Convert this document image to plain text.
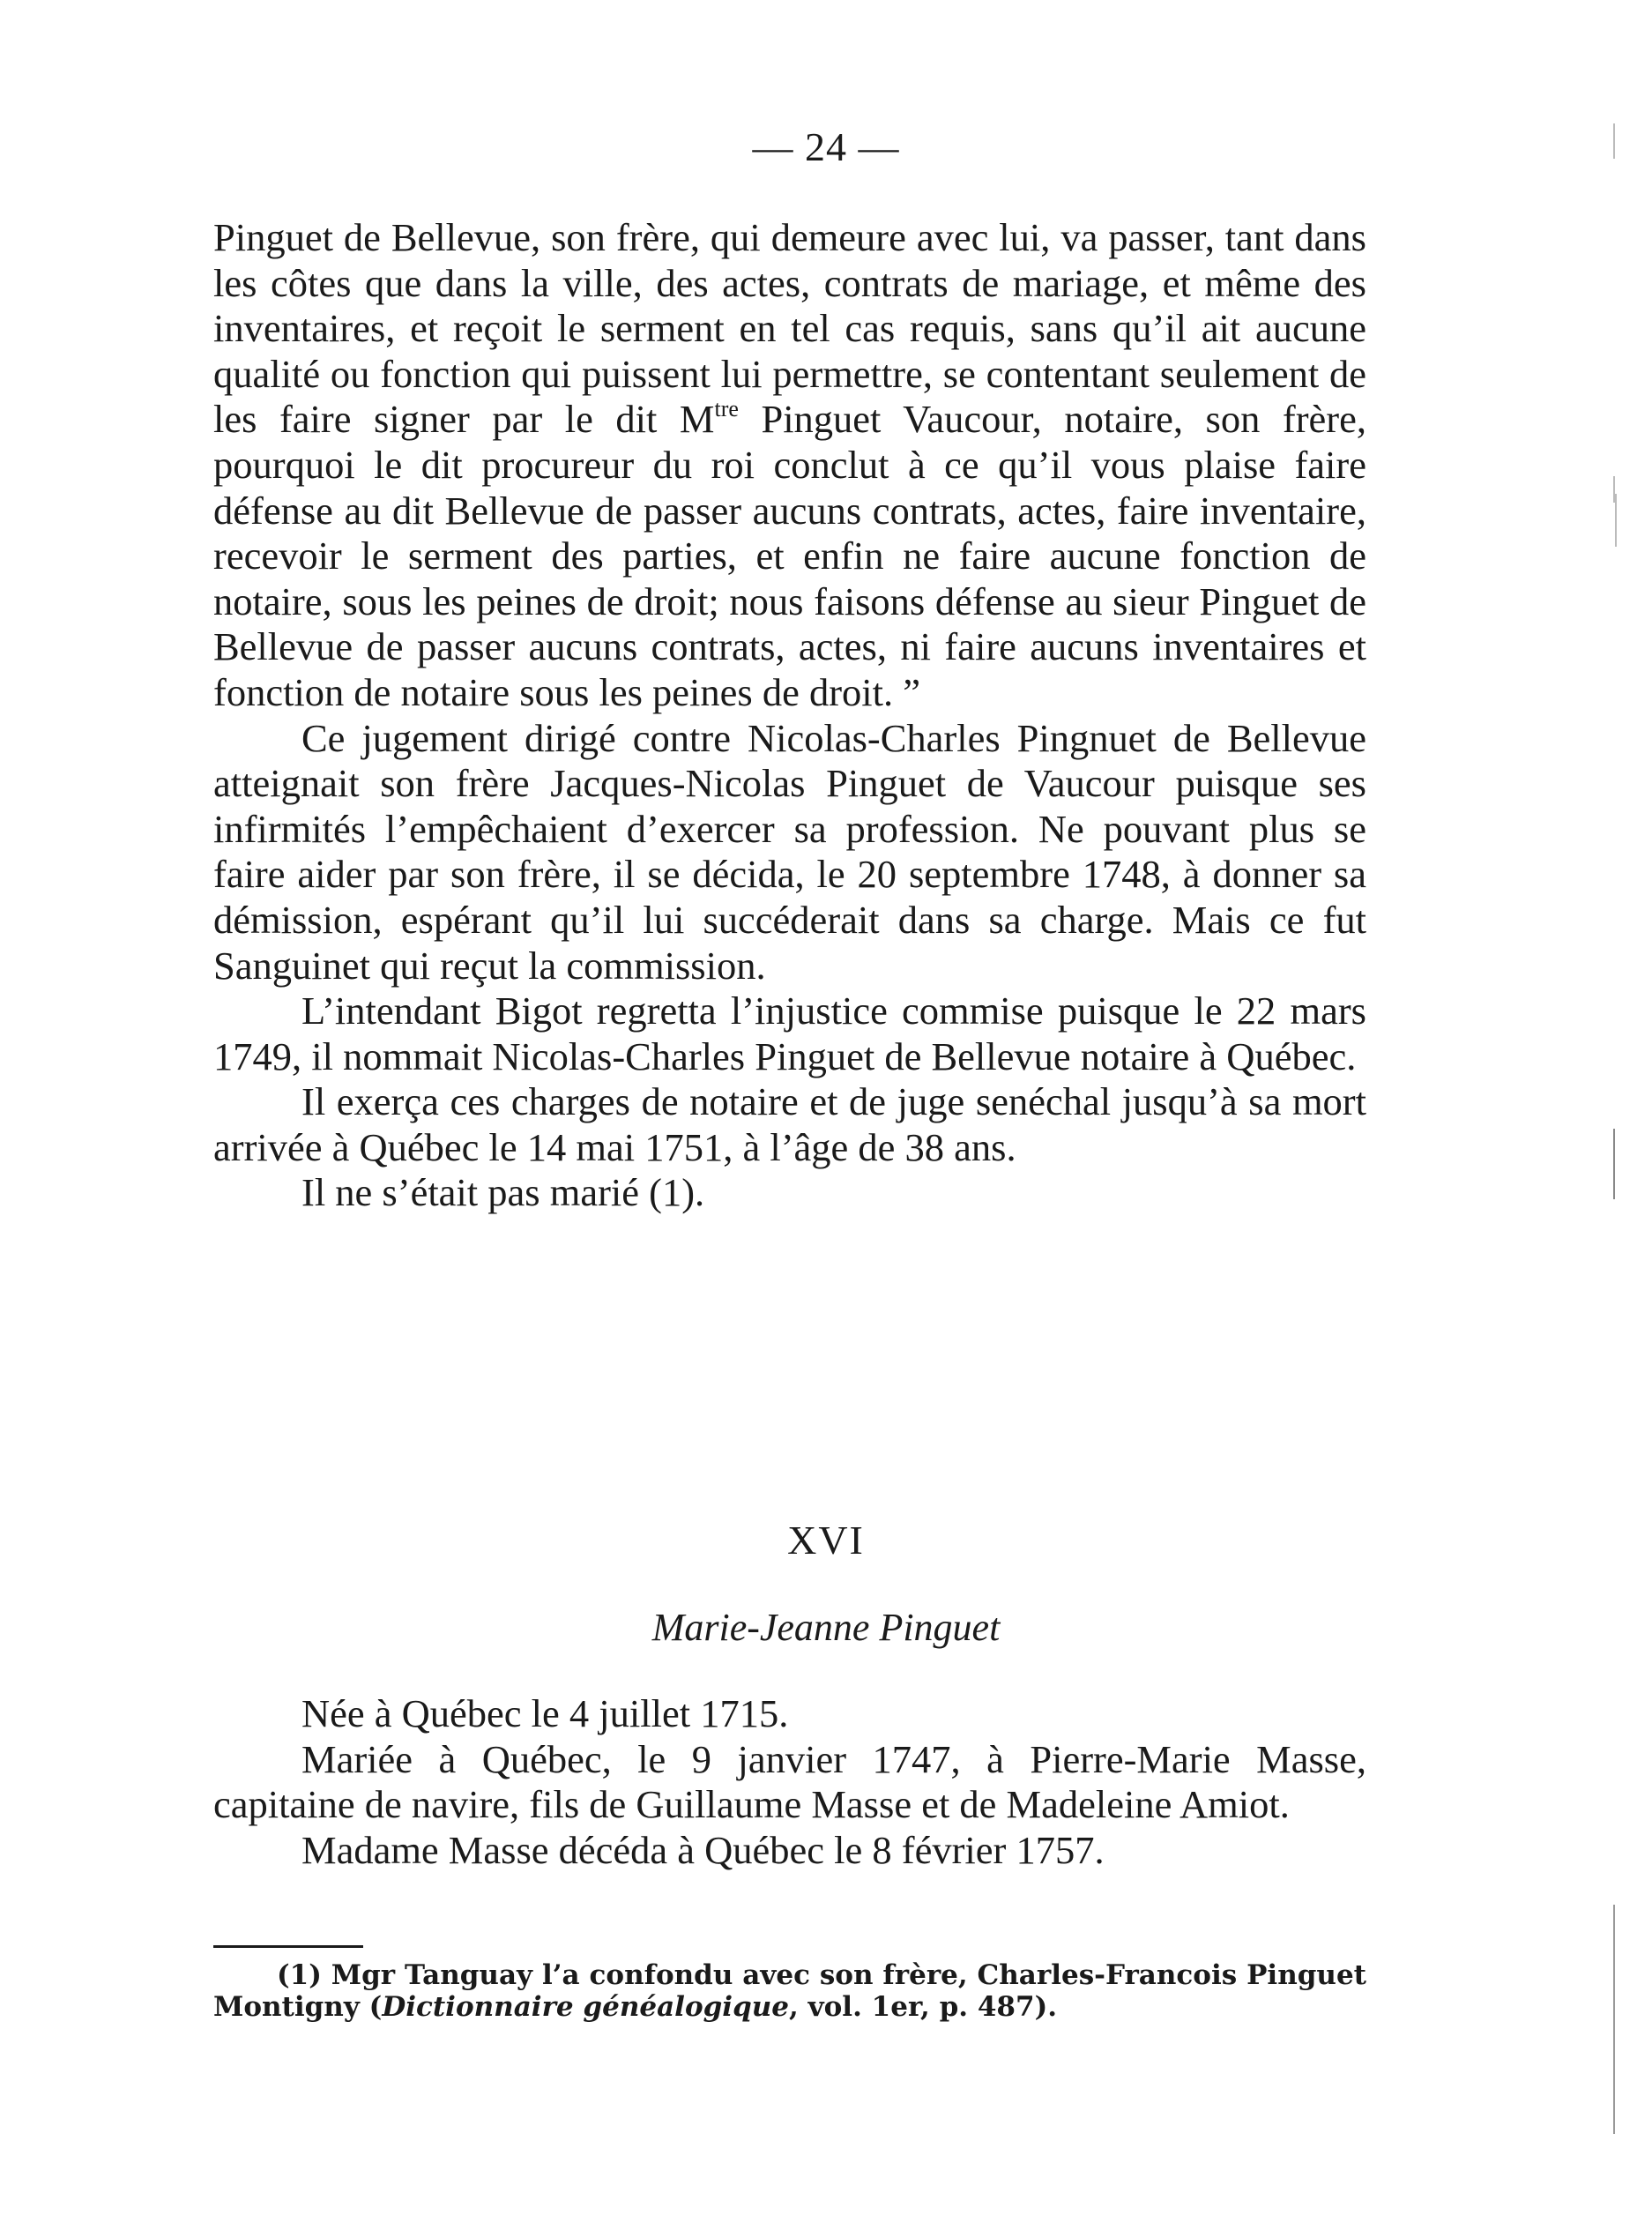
— 24 —

Pinguet de Bellevue, son frère, qui demeure avec lui, va passer, tant dans les côtes que dans la ville, des actes, contrats de mariage, et même des inventaires, et reçoit le serment en tel cas requis, sans qu’il ait aucune qualité ou fonction qui puissent lui permettre, se contentant seulement de les faire signer par le dit $M^{tre}$ Pinguet Vaucour, notaire, son frère, pourquoi le dit procureur du roi conclut à ce qu’il vous plaise faire défense au dit Bellevue de passer aucuns contrats, actes, faire inventaire, recevoir le serment des parties, et enfin ne faire aucune fonction de notaire, sous les peines de droit; nous faisons défense au sieur Pinguet de Bellevue de passer aucuns contrats, actes, ni faire aucuns inventaires et fonction de notaire sous les peines de droit. ”

Ce jugement dirigé contre Nicolas-Charles Pingnuet de Bellevue atteignait son frère Jacques-Nicolas Pinguet de Vaucour puisque ses infirmités l’empêchaient d’exercer sa profession. Ne pouvant plus se faire aider par son frère, il se décida, le 20 septembre 1748, à donner sa démission, espérant qu’il lui succéderait dans sa charge. Mais ce fut Sanguinet qui reçut la commission.

L’intendant Bigot regretta l’injustice commise puisque le 22 mars 1749, il nommait Nicolas-Charles Pinguet de Bellevue notaire à Québec.

Il exerça ces charges de notaire et de juge senéchal jusqu’à sa mort arrivée à Québec le 14 mai 1751, à l’âge de 38 ans.

Il ne s’était pas marié (1).

XVI
Marie-Jeanne Pinguet

Née à Québec le 4 juillet 1715.

Mariée à Québec, le 9 janvier 1747, à Pierre-Marie Masse, capitaine de navire, fils de Guillaume Masse et de Madeleine Amiot.

Madame Masse décéda à Québec le 8 février 1757.

(1) Mgr Tanguay l’a confondu avec son frère, Charles-Francois Pinguet Montigny (Dictionnaire généalogique, vol. 1er, p. 487).
